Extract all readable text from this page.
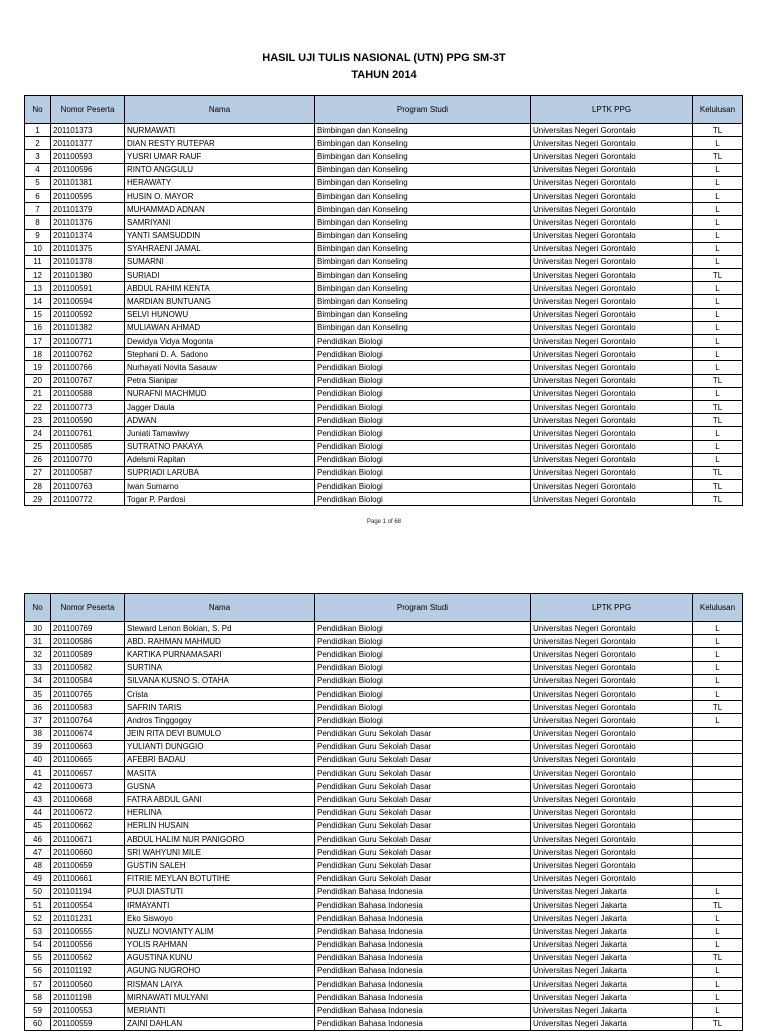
HASIL UJI TULIS NASIONAL (UTN) PPG SM-3T
TAHUN 2014
No	Nomor Peserta	Nama	Program Studi	LPTK PPG	Kelulusan
1	201101373	NURMAWATI	Bimbingan dan Konseling	Universitas Negeri Gorontalo	TL
2	201101377	DIAN RESTY RUTEPAR	Bimbingan dan Konseling	Universitas Negeri Gorontalo	L
3	201100593	YUSRI UMAR RAUF	Bimbingan dan Konseling	Universitas Negeri Gorontalo	TL
4	201100596	RINTO ANGGULU	Bimbingan dan Konseling	Universitas Negeri Gorontalo	L
5	201101381	HERAWATY	Bimbingan dan Konseling	Universitas Negeri Gorontalo	L
6	201100595	HUSIN O. MAYOR	Bimbingan dan Konseling	Universitas Negeri Gorontalo	L
7	201101379	MUHAMMAD ADNAN	Bimbingan dan Konseling	Universitas Negeri Gorontalo	L
8	201101376	SAMRIYANI	Bimbingan dan Konseling	Universitas Negeri Gorontalo	L
9	201101374	YANTI SAMSUDDIN	Bimbingan dan Konseling	Universitas Negeri Gorontalo	L
10	201101375	SYAHRAENI JAMAL	Bimbingan dan Konseling	Universitas Negeri Gorontalo	L
11	201101378	SUMARNI	Bimbingan dan Konseling	Universitas Negeri Gorontalo	L
12	201101380	SURIADI	Bimbingan dan Konseling	Universitas Negeri Gorontalo	TL
13	201100591	ABDUL RAHIM KENTA	Bimbingan dan Konseling	Universitas Negeri Gorontalo	L
14	201100594	MARDIAN BUNTUANG	Bimbingan dan Konseling	Universitas Negeri Gorontalo	L
15	201100592	SELVI HUNOWU	Bimbingan dan Konseling	Universitas Negeri Gorontalo	L
16	201101382	MULIAWAN AHMAD	Bimbingan dan Konseling	Universitas Negeri Gorontalo	L
17	201100771	Dewidya Vidya Mogonta	Pendidikan Biologi	Universitas Negeri Gorontalo	L
18	201100762	Stephani D. A. Sadono	Pendidikan Biologi	Universitas Negeri Gorontalo	L
19	201100766	Nurhayati Novita Sasauw	Pendidikan Biologi	Universitas Negeri Gorontalo	L
20	201100767	Petra Sianipar	Pendidikan Biologi	Universitas Negeri Gorontalo	TL
21	201100588	NURAFNI MACHMUD	Pendidikan Biologi	Universitas Negeri Gorontalo	L
22	201100773	Jagger Daula	Pendidikan Biologi	Universitas Negeri Gorontalo	TL
23	201100590	ADWAN	Pendidikan Biologi	Universitas Negeri Gorontalo	TL
24	201100761	Juniati Tamawiwy	Pendidikan Biologi	Universitas Negeri Gorontalo	L
25	201100585	SUTRATNO PAKAYA	Pendidikan Biologi	Universitas Negeri Gorontalo	L
26	201100770	Adelsmi Rapitan	Pendidikan Biologi	Universitas Negeri Gorontalo	L
27	201100587	SUPRIADI LARUBA	Pendidikan Biologi	Universitas Negeri Gorontalo	TL
28	201100763	Iwan Sumarno	Pendidikan Biologi	Universitas Negeri Gorontalo	TL
29	201100772	Togar P. Pardosi	Pendidikan Biologi	Universitas Negeri Gorontalo	TL
Page 1 of 68
No	Nomor Peserta	Nama	Program Studi	LPTK PPG	Kelulusan
30	201100769	Steward Lenon Bokian, S. Pd	Pendidikan Biologi	Universitas Negeri Gorontalo	L
31	201100586	ABD. RAHMAN MAHMUD	Pendidikan Biologi	Universitas Negeri Gorontalo	L
32	201100589	KARTIKA PURNAMASARI	Pendidikan Biologi	Universitas Negeri Gorontalo	L
33	201100582	SURTINA	Pendidikan Biologi	Universitas Negeri Gorontalo	L
34	201100584	SILVANA KUSNO S. OTAHA	Pendidikan Biologi	Universitas Negeri Gorontalo	L
35	201100765	Crista	Pendidikan Biologi	Universitas Negeri Gorontalo	L
36	201100583	SAFRIN TARIS	Pendidikan Biologi	Universitas Negeri Gorontalo	TL
37	201100764	Andros Tinggogoy	Pendidikan Biologi	Universitas Negeri Gorontalo	L
38	201100674	JEIN RITA DEVI BUMULO	Pendidikan Guru Sekolah Dasar	Universitas Negeri Gorontalo	
39	201100663	YULIANTI DUNGGIO	Pendidikan Guru Sekolah Dasar	Universitas Negeri Gorontalo	
40	201100665	AFEBRI BADAU	Pendidikan Guru Sekolah Dasar	Universitas Negeri Gorontalo	
41	201100657	MASITA	Pendidikan Guru Sekolah Dasar	Universitas Negeri Gorontalo	
42	201100673	GUSNA	Pendidikan Guru Sekolah Dasar	Universitas Negeri Gorontalo	
43	201100668	FATRA ABDUL GANI	Pendidikan Guru Sekolah Dasar	Universitas Negeri Gorontalo	
44	201100672	HERLINA	Pendidikan Guru Sekolah Dasar	Universitas Negeri Gorontalo	
45	201100662	HERLIN HUSAIN	Pendidikan Guru Sekolah Dasar	Universitas Negeri Gorontalo	
46	201100671	ABDUL HALIM NUR PANIGORO	Pendidikan Guru Sekolah Dasar	Universitas Negeri Gorontalo	
47	201100660	SRI WAHYUNI MILE	Pendidikan Guru Sekolah Dasar	Universitas Negeri Gorontalo	
48	201100659	GUSTIN SALEH	Pendidikan Guru Sekolah Dasar	Universitas Negeri Gorontalo	
49	201100661	FITRIE MEYLAN BOTUTIHE	Pendidikan Guru Sekolah Dasar	Universitas Negeri Gorontalo	
50	201101194	PUJI DIASTUTI	Pendidikan Bahasa Indonesia	Universitas Negeri Jakarta	L
51	201100554	IRMAYANTI	Pendidikan Bahasa Indonesia	Universitas Negeri Jakarta	TL
52	201101231	Eko Siswoyo	Pendidikan Bahasa Indonesia	Universitas Negeri Jakarta	L
53	201100555	NUZLI NOVIANTY ALIM	Pendidikan Bahasa Indonesia	Universitas Negeri Jakarta	L
54	201100556	YOLIS RAHMAN	Pendidikan Bahasa Indonesia	Universitas Negeri Jakarta	L
55	201100562	AGUSTINA KUNU	Pendidikan Bahasa Indonesia	Universitas Negeri Jakarta	TL
56	201101192	AGUNG NUGROHO	Pendidikan Bahasa Indonesia	Universitas Negeri Jakarta	L
57	201100560	RISMAN LAIYA	Pendidikan Bahasa Indonesia	Universitas Negeri Jakarta	L
58	201101198	MIRNAWATI MULYANI	Pendidikan Bahasa Indonesia	Universitas Negeri Jakarta	L
59	201100553	MERIANTI	Pendidikan Bahasa Indonesia	Universitas Negeri Jakarta	L
60	201100559	ZAINI DAHLAN	Pendidikan Bahasa Indonesia	Universitas Negeri Jakarta	TL
